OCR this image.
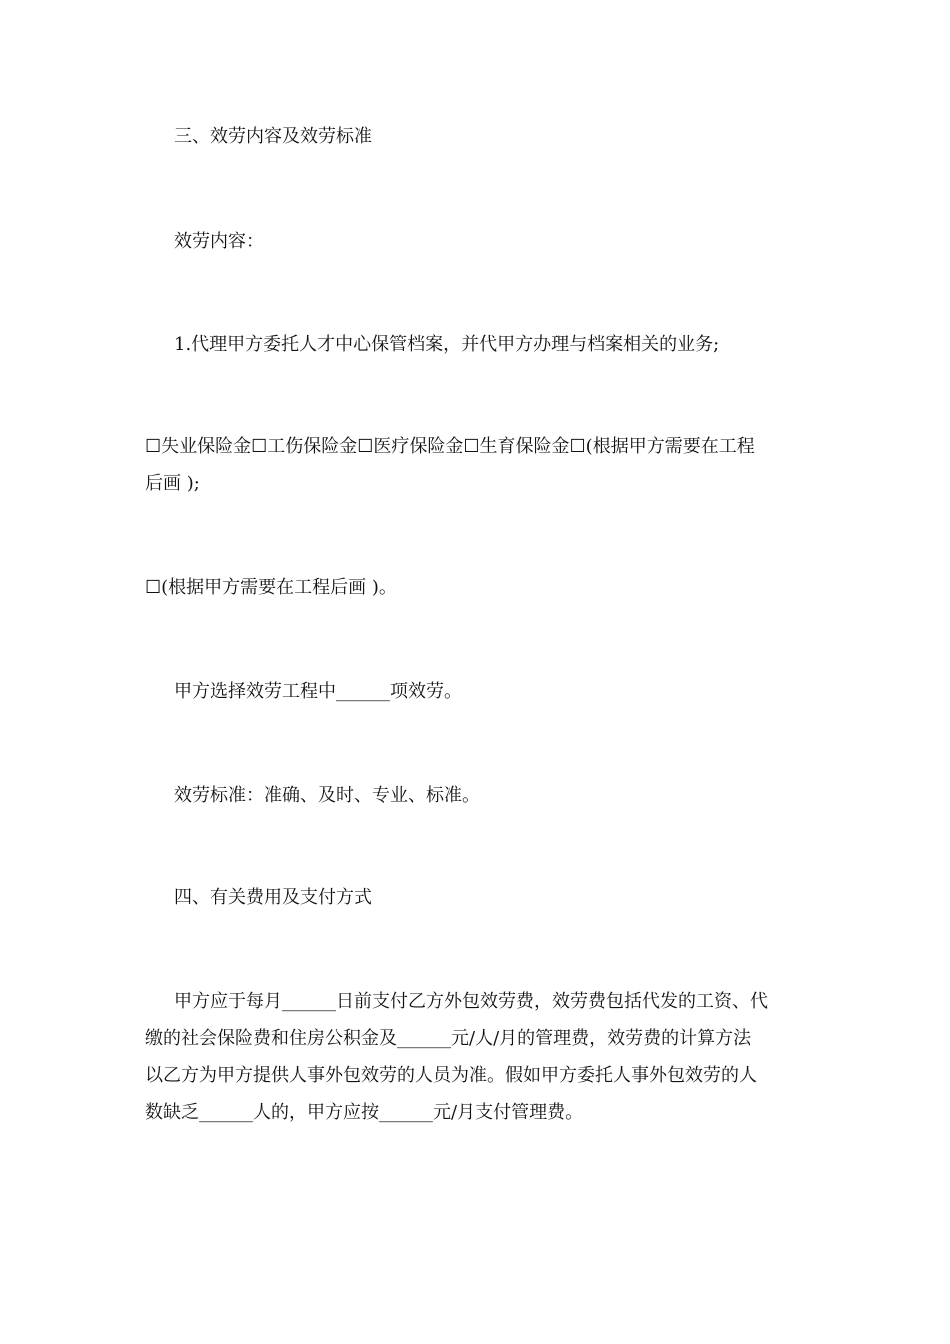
三、效劳内容及效劳标准

效劳内容：

1.代理甲方委托人才中心保管档案，并代甲方办理与档案相关的业务;

☐失业保险金☐工伤保险金☐医疗保险金☐生育保险金☐(根据甲方需要在工程
后画 );

☐(根据甲方需要在工程后画 )。

甲方选择效劳工程中______项效劳。

效劳标准：准确、及时、专业、标准。

四、有关费用及支付方式

甲方应于每月______日前支付乙方外包效劳费，效劳费包括代发的工资、代
缴的社会保险费和住房公积金及______元/人/月的管理费，效劳费的计算方法
以乙方为甲方提供人事外包效劳的人员为准。假如甲方委托人事外包效劳的人
数缺乏______人的，甲方应按______元/月支付管理费。
